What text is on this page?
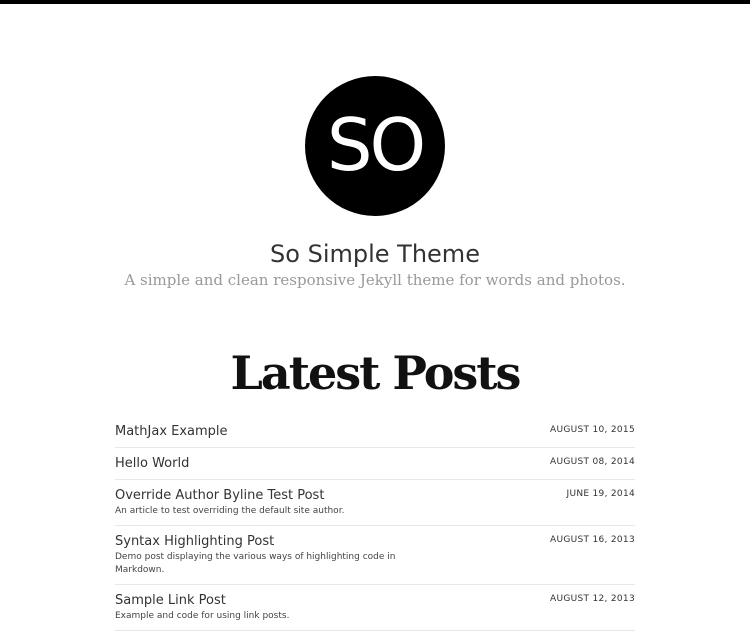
SO
So Simple Theme

A simple and clean responsive Jekyll theme for words and photos.

Latest Posts
MathJax Example	AUGUST 10, 2015
Hello World	AUGUST 08, 2014
Override Author Byline Test Post
An article to test overriding the default site author.
JUNE 19, 2014
Syntax Highlighting Post
Demo post displaying the various ways of highlighting code in Markdown.
AUGUST 16, 2013
Sample Link Post
Example and code for using link posts.
AUGUST 12, 2013
